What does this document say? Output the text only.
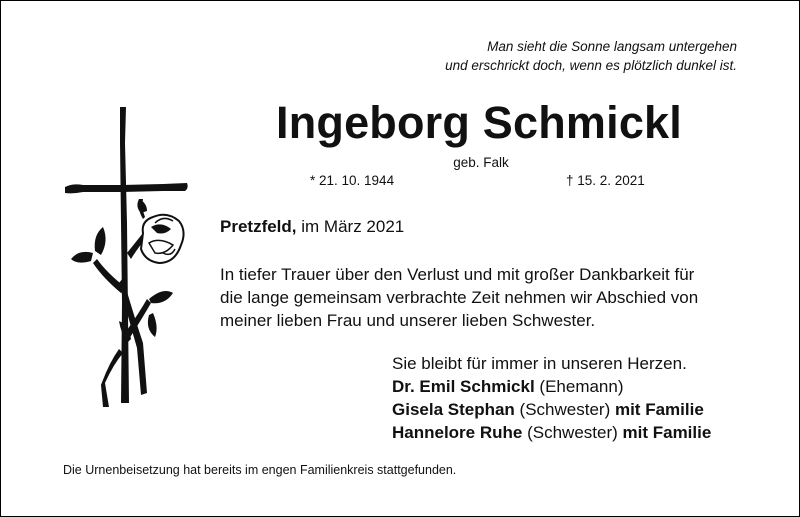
Man sieht die Sonne langsam untergehen
und erschrickt doch, wenn es plötzlich dunkel ist.
Ingeborg Schmickl
geb. Falk
* 21. 10. 1944	† 15. 2. 2021
Pretzfeld, im März 2021
In tiefer Trauer über den Verlust und mit großer Dankbarkeit für
die lange gemeinsam verbrachte Zeit nehmen wir Abschied von
meiner lieben Frau und unserer lieben Schwester.
Sie bleibt für immer in unseren Herzen.
Dr. Emil Schmickl (Ehemann)
Gisela Stephan (Schwester) mit Familie
Hannelore Ruhe (Schwester) mit Familie
Die Urnenbeisetzung hat bereits im engen Familienkreis stattgefunden.
